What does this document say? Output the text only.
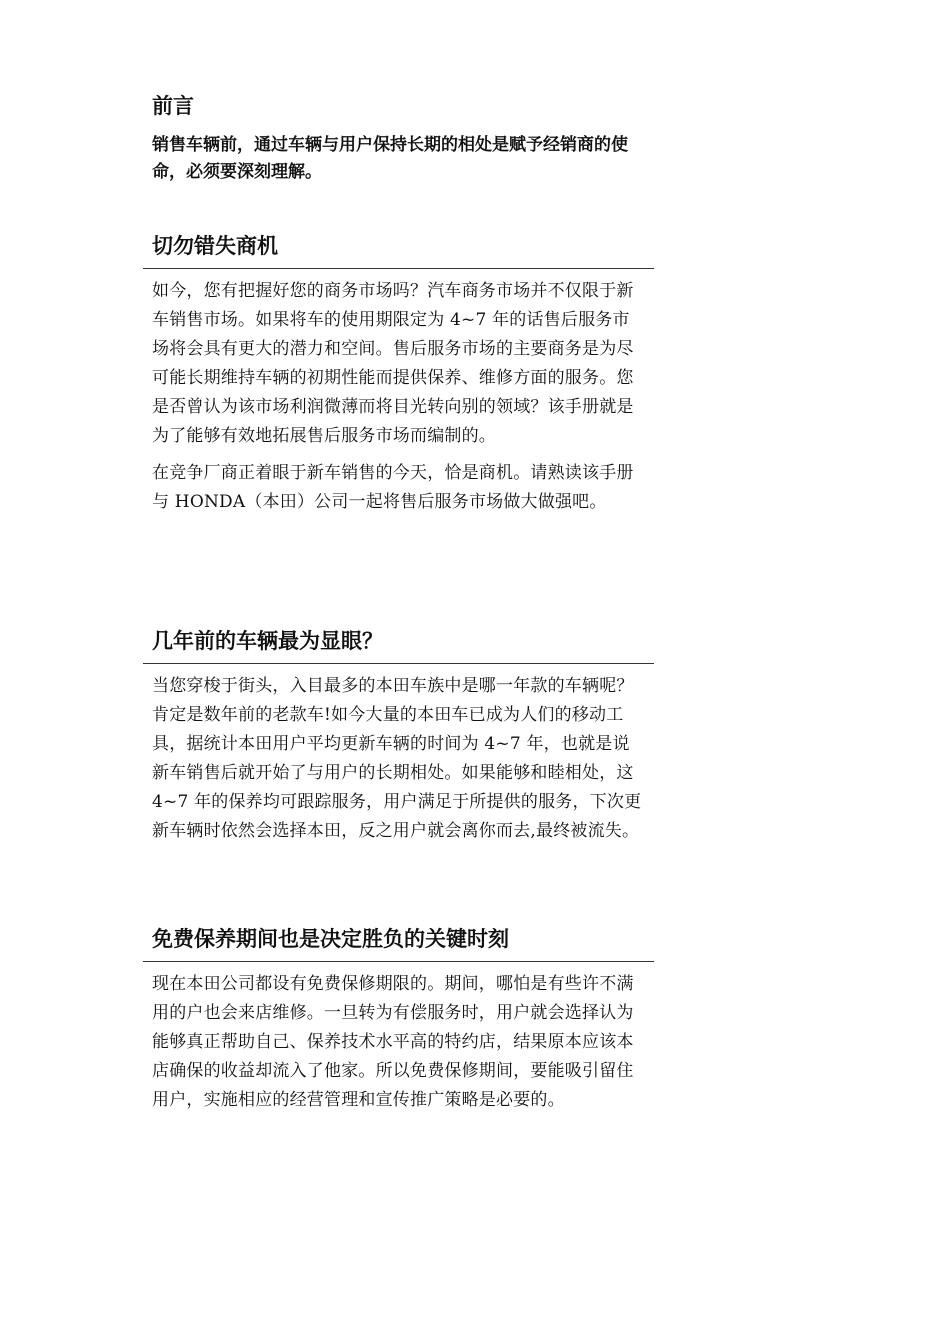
前言

销售车辆前，通过车辆与用户保持长期的相处是赋予经销商的使命，必须要深刻理解。

切勿错失商机

如今，您有把握好您的商务市场吗？汽车商务市场并不仅限于新车销售市场。如果将车的使用期限定为 4~7 年的话售后服务市场将会具有更大的潜力和空间。售后服务市场的主要商务是为尽可能长期维持车辆的初期性能而提供保养、维修方面的服务。您是否曾认为该市场利润微薄而将目光转向别的领域？该手册就是为了能够有效地拓展售后服务市场而编制的。

在竞争厂商正着眼于新车销售的今天，恰是商机。请熟读该手册与 HONDA（本田）公司一起将售后服务市场做大做强吧。

几年前的车辆最为显眼？

当您穿梭于街头，入目最多的本田车族中是哪一年款的车辆呢？肯定是数年前的老款车!如今大量的本田车已成为人们的移动工具，据统计本田用户平均更新车辆的时间为 4~7 年，也就是说新车销售后就开始了与用户的长期相处。如果能够和睦相处，这 4~7 年的保养均可跟踪服务，用户满足于所提供的服务，下次更新车辆时依然会选择本田，反之用户就会离你而去,最终被流失。

免费保养期间也是决定胜负的关键时刻

现在本田公司都设有免费保修期限的。期间，哪怕是有些许不满用的户也会来店维修。一旦转为有偿服务时，用户就会选择认为能够真正帮助自己、保养技术水平高的特约店，结果原本应该本店确保的收益却流入了他家。所以免费保修期间，要能吸引留住用户，实施相应的经营管理和宣传推广策略是必要的。
